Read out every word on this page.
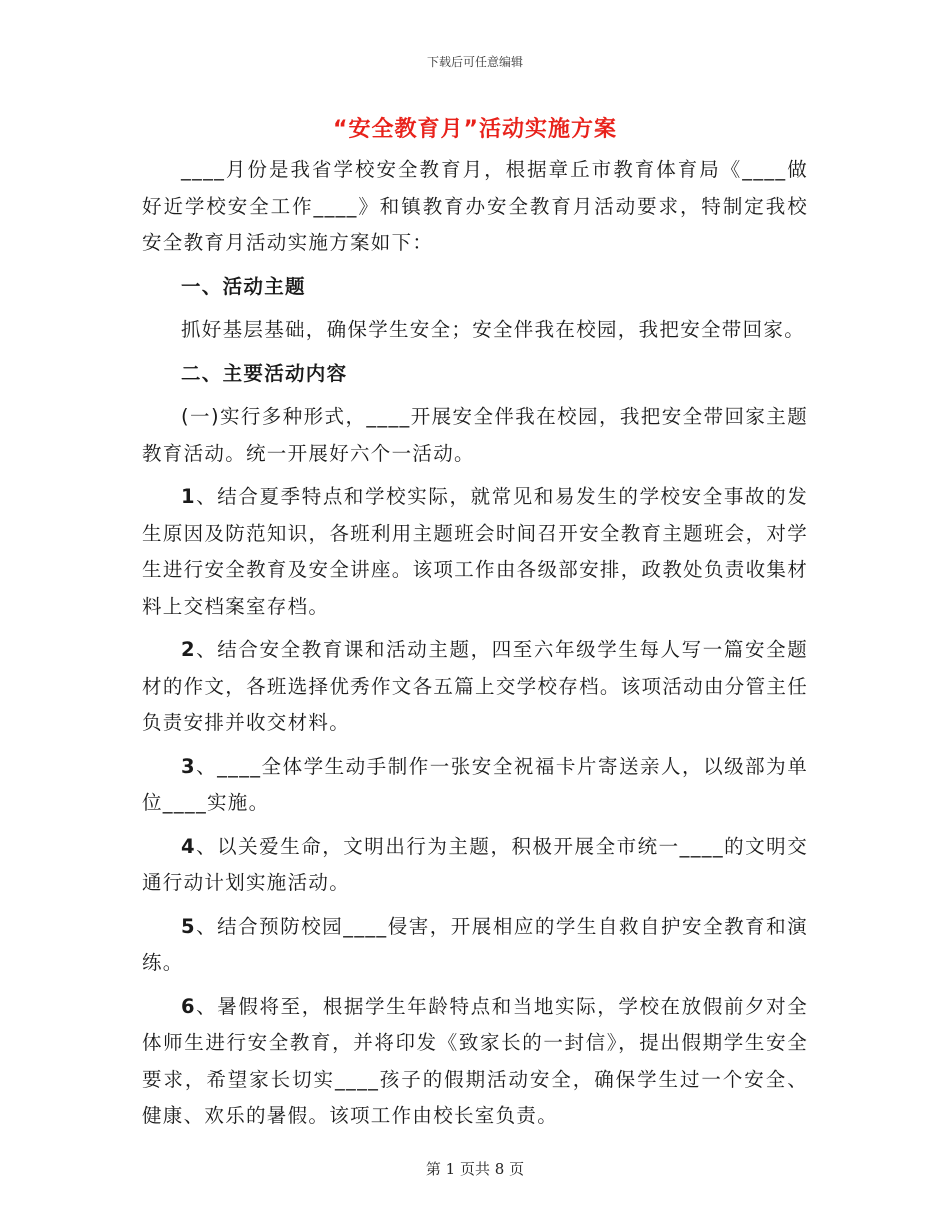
下载后可任意编辑
“安全教育月”活动实施方案

____月份是我省学校安全教育月，根据章丘市教育体育局《____做好近学校安全工作____》和镇教育办安全教育月活动要求，特制定我校安全教育月活动实施方案如下：

一、活动主题

抓好基层基础，确保学生安全；安全伴我在校园，我把安全带回家。

二、主要活动内容

(一)实行多种形式，____开展安全伴我在校园，我把安全带回家主题教育活动。统一开展好六个一活动。

1、结合夏季特点和学校实际，就常见和易发生的学校安全事故的发生原因及防范知识，各班利用主题班会时间召开安全教育主题班会，对学生进行安全教育及安全讲座。该项工作由各级部安排，政教处负责收集材料上交档案室存档。

2、结合安全教育课和活动主题，四至六年级学生每人写一篇安全题材的作文，各班选择优秀作文各五篇上交学校存档。该项活动由分管主任负责安排并收交材料。

3、____全体学生动手制作一张安全祝福卡片寄送亲人，以级部为单位____实施。

4、以关爱生命，文明出行为主题，积极开展全市统一____的文明交通行动计划实施活动。

5、结合预防校园____侵害，开展相应的学生自救自护安全教育和演练。

6、暑假将至，根据学生年龄特点和当地实际，学校在放假前夕对全体师生进行安全教育，并将印发《致家长的一封信》，提出假期学生安全要求，希望家长切实____孩子的假期活动安全，确保学生过一个安全、健康、欢乐的暑假。该项工作由校长室负责。

第 1 页共 8 页
